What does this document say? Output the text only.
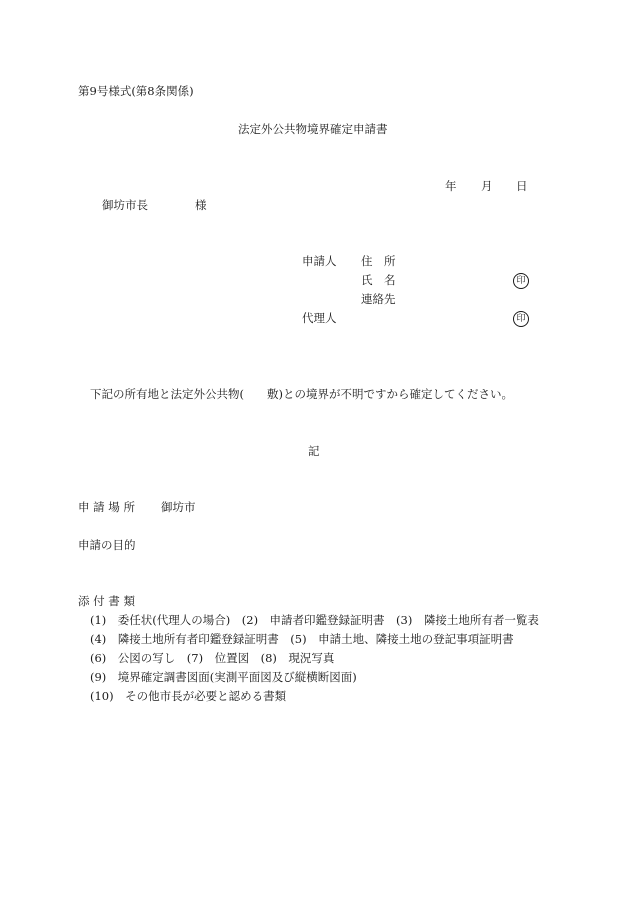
第9号様式(第8条関係)
法定外公共物境界確定申請書
年 月 日
御坊市長	様
申請人 住　所
氏　名	印
連絡先
代理人	印
下記の所有地と法定外公共物(　　敷)との境界が不明ですから確定してください。
記
申 請 場 所 御坊市
申請の目的
添 付 書 類
(1)　委任状(代理人の場合)　(2)　申請者印鑑登録証明書　(3)　隣接土地所有者一覧表
(4)　隣接土地所有者印鑑登録証明書　(5)　申請土地、隣接土地の登記事項証明書
(6)　公図の写し　(7)　位置図　(8)　現況写真
(9)　境界確定調書図面(実測平面図及び縦横断図面)
(10)　その他市長が必要と認める書類
